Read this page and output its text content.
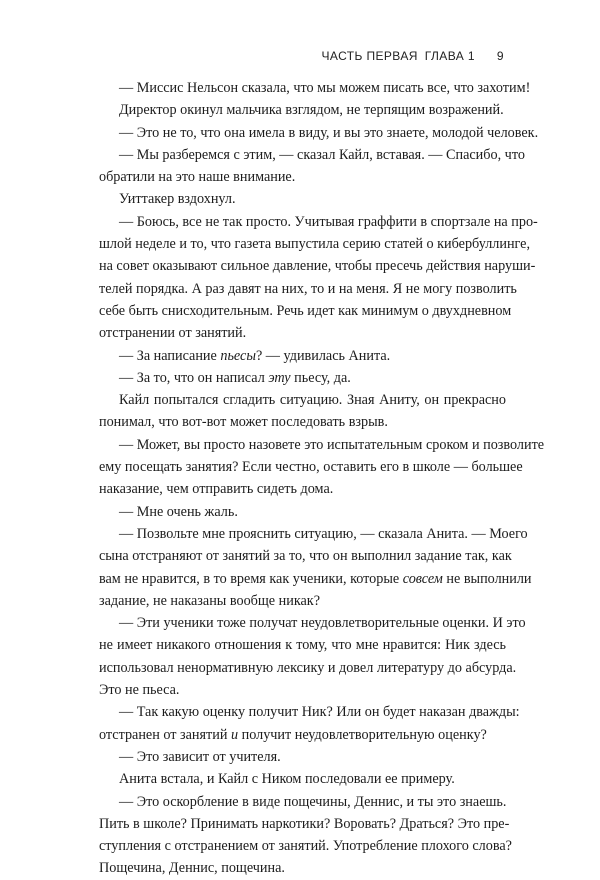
ЧАСТЬ ПЕРВАЯ ГЛАВА 1 9
— Миссис Нельсон сказала, что мы можем писать все, что захотим!
Директор окинул мальчика взглядом, не терпящим возражений.
— Это не то, что она имела в виду, и вы это знаете, молодой человек.
— Мы разберемся с этим, — сказал Кайл, вставая. — Спасибо, что
обратили на это наше внимание.
Уиттакер вздохнул.
— Боюсь, все не так просто. Учитывая граффити в спортзале на про-
шлой неделе и то, что газета выпустила серию статей о кибербуллинге,
на совет оказывают сильное давление, чтобы пресечь действия наруши-
телей порядка. А раз давят на них, то и на меня. Я не могу позволить
себе быть снисходительным. Речь идет как минимум о двухдневном
отстранении от занятий.
— За написание пьесы? — удивилась Анита.
— За то, что он написал эту пьесу, да.
Кайл попытался сгладить ситуацию. Зная Аниту, он прекрасно
понимал, что вот-вот может последовать взрыв.
— Может, вы просто назовете это испытательным сроком и позволите
ему посещать занятия? Если честно, оставить его в школе — большее
наказание, чем отправить сидеть дома.
— Мне очень жаль.
— Позвольте мне прояснить ситуацию, — сказала Анита. — Моего
сына отстраняют от занятий за то, что он выполнил задание так, как
вам не нравится, в то время как ученики, которые совсем не выполнили
задание, не наказаны вообще никак?
— Эти ученики тоже получат неудовлетворительные оценки. И это
не имеет никакого отношения к тому, что мне нравится: Ник здесь
использовал ненормативную лексику и довел литературу до абсурда.
Это не пьеса.
— Так какую оценку получит Ник? Или он будет наказан дважды:
отстранен от занятий и получит неудовлетворительную оценку?
— Это зависит от учителя.
Анита встала, и Кайл с Ником последовали ее примеру.
— Это оскорбление в виде пощечины, Деннис, и ты это знаешь.
Пить в школе? Принимать наркотики? Воровать? Драться? Это пре-
ступления с отстранением от занятий. Употребление плохого слова?
Пощечина, Деннис, пощечина.
